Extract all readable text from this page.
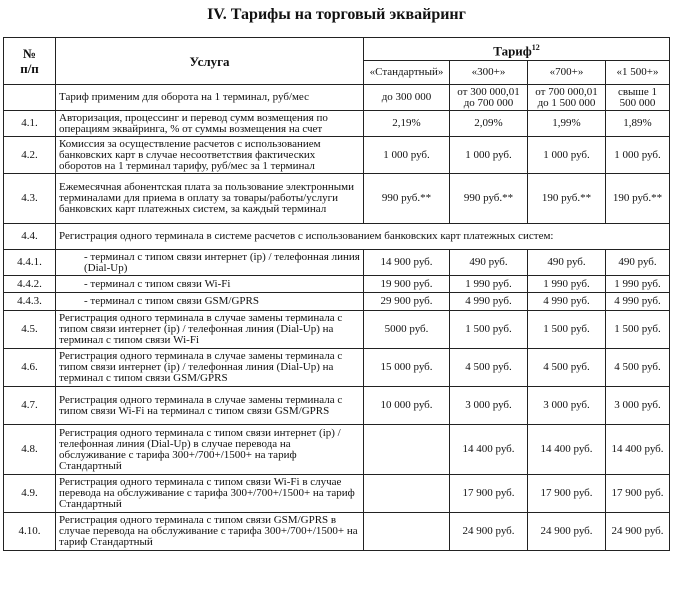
IV. Тарифы на торговый эквайринг
№
п/п	Услуга	Тариф$^{12}$
		«Стандартный»	«300+»	«700+»	«1 500+»
	Тариф применим для оборота на 1 терминал, руб/мес	до 300 000	от 300 000,01 до 700 000	от 700 000,01 до 1 500 000	свыше 1 500 000
4.1.	Авторизация, процессинг и перевод сумм возмещения по операциям эквайринга, % от суммы возмещения на счет	2,19%	2,09%	1,99%	1,89%
4.2.	Комиссия за осуществление расчетов с использованием банковских карт в случае несоответствия фактических оборотов на 1 терминал тарифу, руб/мес за 1 терминал	1 000 руб.	1 000 руб.	1 000 руб.	1 000 руб.
4.3.	Ежемесячная абонентская плата за пользование электронными терминалами для приема в оплату за товары/работы/услуги банковских карт платежных систем, за каждый терминал	990 руб.**	990 руб.**	190 руб.**	190 руб.**
4.4.	Регистрация одного терминала в системе расчетов с использованием банковских карт платежных систем:				
4.4.1.	- терминал с типом связи интернет (ip) / телефонная линия (Dial-Up)	14 900 руб.	490 руб.	490 руб.	490 руб.
4.4.2.	- терминал с типом связи Wi-Fi	19 900 руб.	1 990 руб.	1 990 руб.	1 990 руб.
4.4.3.	- терминал с типом связи GSM/GPRS	29 900 руб.	4 990 руб.	4 990 руб.	4 990 руб.
4.5.	Регистрация одного терминала в случае замены терминала с типом связи интернет (ip) / телефонная линия (Dial-Up) на терминал с типом связи Wi-Fi	5000 руб.	1 500 руб.	1 500 руб.	1 500 руб.
4.6.	Регистрация одного терминала в случае замены терминала с типом связи интернет (ip) / телефонная линия (Dial-Up) на терминал с типом связи GSM/GPRS	15 000 руб.	4 500 руб.	4 500 руб.	4 500 руб.
4.7.	Регистрация одного терминала в случае замены терминала с типом связи Wi-Fi на терминал с типом связи GSM/GPRS	10 000 руб.	3 000 руб.	3 000 руб.	3 000 руб.
4.8.	Регистрация одного терминала с типом связи интернет (ip) / телефонная линия (Dial-Up) в случае перевода на обслуживание с тарифа 300+/700+/1500+ на тариф Стандартный		14 400 руб.	14 400 руб.	14 400 руб.
4.9.	Регистрация одного терминала с типом связи Wi-Fi в случае перевода на обслуживание с тарифа 300+/700+/1500+ на тариф Стандартный		17 900 руб.	17 900 руб.	17 900 руб.
4.10.	Регистрация одного терминала с типом связи GSM/GPRS в случае перевода на обслуживание с тарифа 300+/700+/1500+ на тариф Стандартный		24 900 руб.	24 900 руб.	24 900 руб.
